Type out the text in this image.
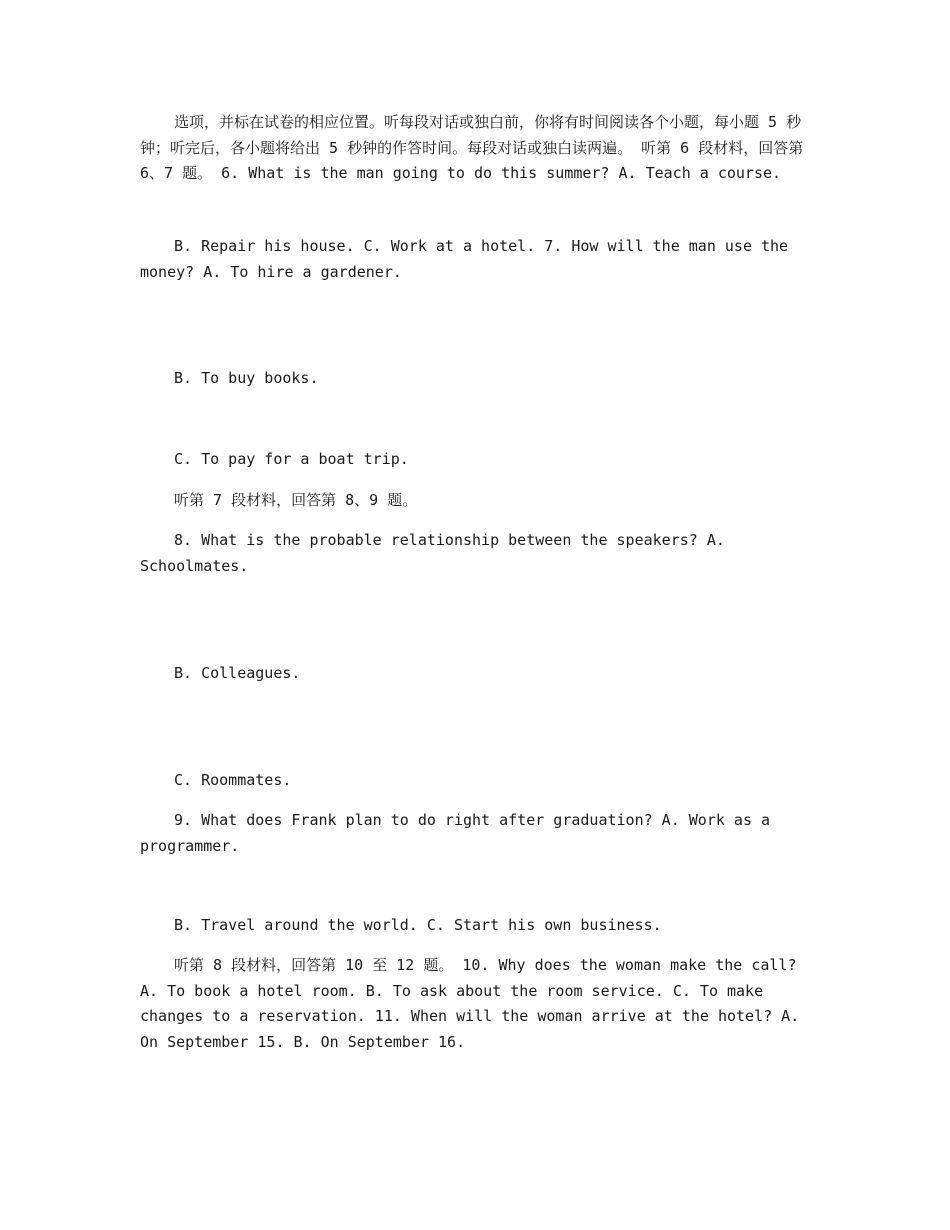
选项，并标在试卷的相应位置。听每段对话或独白前，你将有时间阅读各个小题，每小题 5 秒钟；听完后，各小题将给出 5 秒钟的作答时间。每段对话或独白读两遍。 听第 6 段材料，回答第 6、7 题。 6. What is the man going to do this summer? A. Teach a course.

B. Repair his house. C. Work at a hotel. 7. How will the man use the money? A. To hire a gardener.

B. To buy books.

C. To pay for a boat trip.

听第 7 段材料，回答第 8、9 题。

8. What is the probable relationship between the speakers? A. Schoolmates.

B. Colleagues.

C. Roommates.

9. What does Frank plan to do right after graduation? A. Work as a programmer.

B. Travel around the world. C. Start his own business.

听第 8 段材料，回答第 10 至 12 题。 10. Why does the woman make the call? A. To book a hotel room. B. To ask about the room service. C. To make changes to a reservation. 11. When will the woman arrive at the hotel? A. On September 15. B. On September 16.
